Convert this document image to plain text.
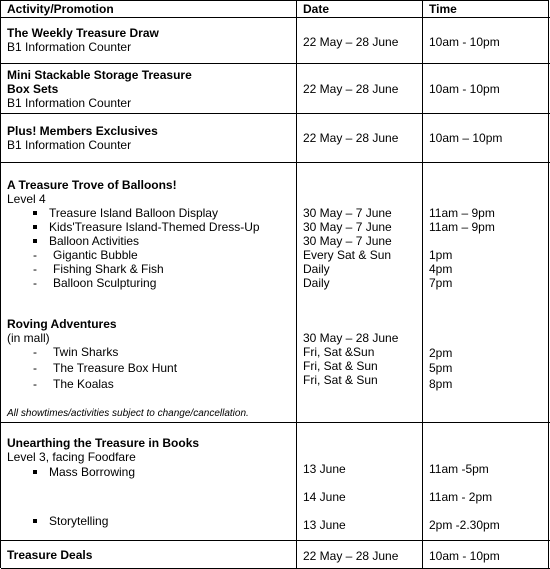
Activity/Promotion	Date	Time
The Weekly Treasure Draw
B1 Information Counter	22 May – 28 June	10am - 10pm
Mini Stackable Storage Treasure
Box Sets
B1 Information Counter
22 May – 28 June	10am - 10pm
Plus! Members Exclusives
B1 Information Counter	22 May – 28 June	10am – 10pm
A Treasure Trove of Balloons!
Level 4
Treasure Island Balloon Display	30 May – 7 June	11am – 9pm
Kids'Treasure Island-Themed Dress-Up	30 May – 7 June	11am – 9pm
Balloon Activities	30 May – 7 June
- Gigantic Bubble	Every Sat & Sun	1pm
- Fishing Shark & Fish	Daily	4pm
- Balloon Sculpturing	Daily	7pm
Roving Adventures
(in mall)	30 May – 28 June
- Twin Sharks	Fri, Sat &Sun	2pm
- The Treasure Box Hunt	Fri, Sat & Sun	5pm
- The Koalas	Fri, Sat & Sun	8pm
All showtimes/activities subject to change/cancellation.
Unearthing the Treasure in Books
Level 3, facing Foodfare
Mass Borrowing	13 June	11am -5pm
14 June	11am - 2pm
Storytelling	13 June	2pm -2.30pm
Treasure Deals	22 May – 28 June	10am - 10pm
